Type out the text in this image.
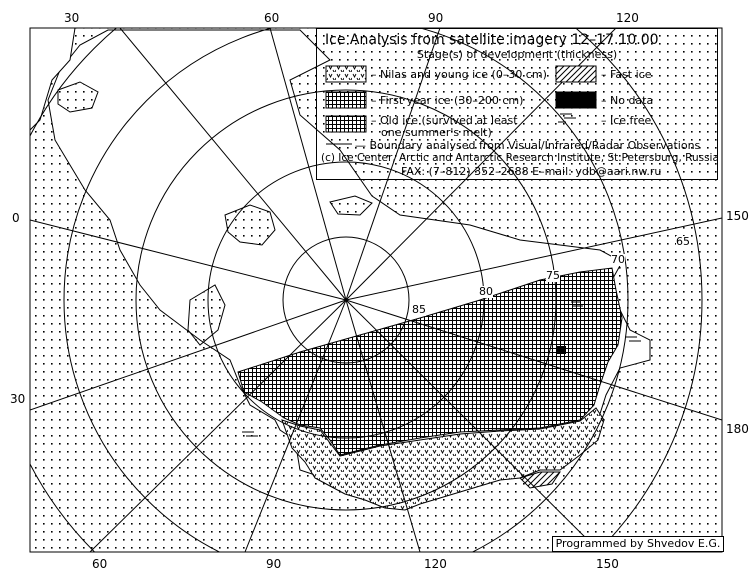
Ice Analysis from satellite imagery 12–17.10.00
Stage(s) of development (thickness)
– Nilas and young ice (0–30 cm)	– Fast ice
– First year ice (30–200 cm)	– No data
– Old ice (survived at least
one summer's melt)
– Ice free
— Boundary analysed from Visual/Infrared/Radar Observations
(c) Ice Center, Arctic and Antarctic Research Institute, St.Petersburg, Russia
FAX: (7–812) 352–2688 E–mail: ydb@aari.nw.ru
30	60	90	120
60	90	120	150
0
30
150
180
85
80
75
70
65
Programmed by Shvedov E.G.
